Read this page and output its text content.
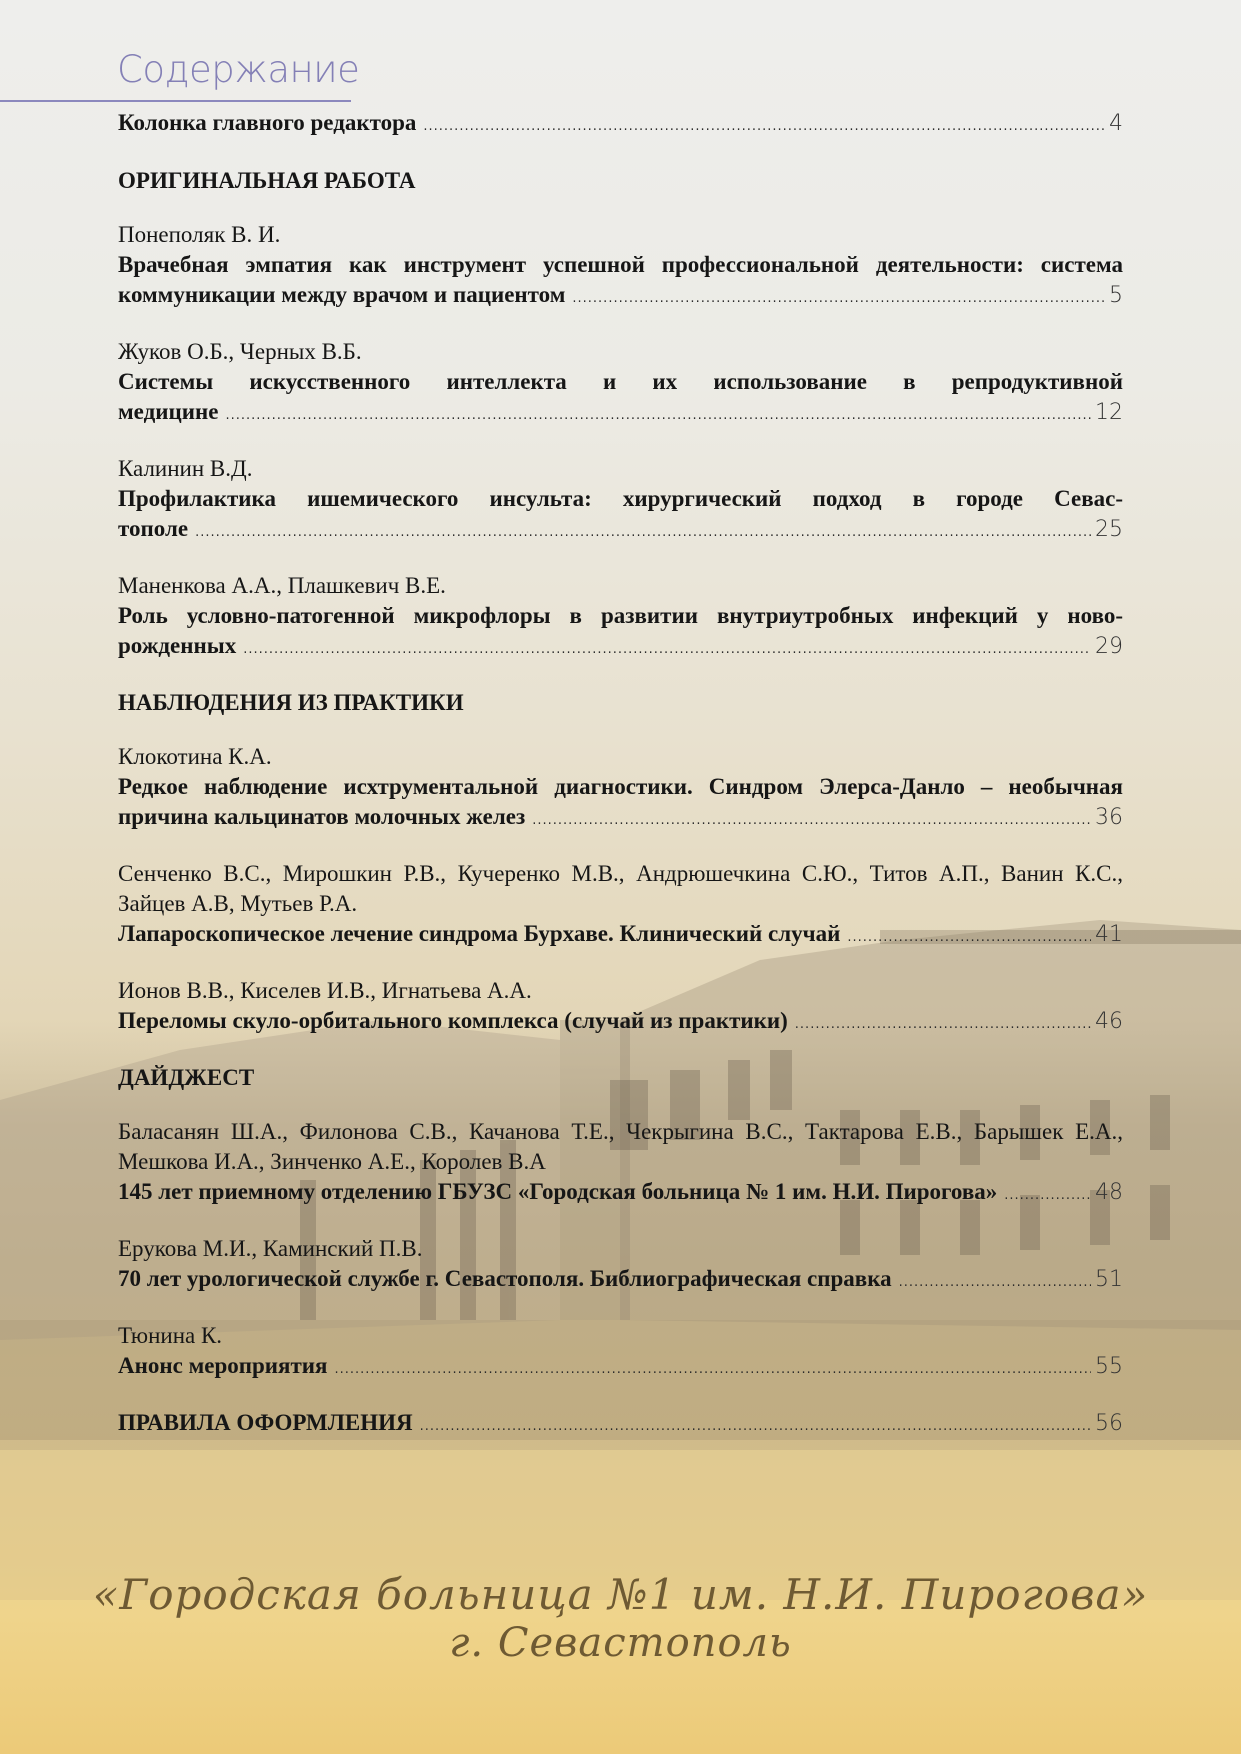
Содержание
Колонка главного редактора .....	4

ОРИГИНАЛЬНАЯ РАБОТА

Понеполяк В. И.

Врачебная эмпатия как инструмент успешной профессиональной деятельности: система

коммуникации между врачом и пациентом .....	5

Жуков О.Б., Черных В.Б.

Системы искусственного интеллекта и их использование в репродуктивной

медицине .....	12

Калинин В.Д.

Профилактика ишемического инсульта: хирургический подход в городе Севас-

тополе .....	25

Маненкова А.А., Плашкевич В.Е.

Роль условно-патогенной микрофлоры в развитии внутриутробных инфекций у ново-

рожденных .....	29

НАБЛЮДЕНИЯ ИЗ ПРАКТИКИ

Клокотина К.А.

Редкое наблюдение исхтрументальной диагностики. Синдром Элерса-Данло – необычная

причина кальцинатов молочных желез .....	36

Сенченко В.С., Мирошкин Р.В., Кучеренко М.В., Андрюшечкина С.Ю., Титов А.П., Ванин К.С.,

Зайцев А.В, Мутьев Р.А.

Лапароскопическое лечение синдрома Бурхаве. Клинический случай .....	41

Ионов В.В., Киселев И.В., Игнатьева А.А.

Переломы скуло-орбитального комплекса (случай из практики) .....	46

ДАЙДЖЕСТ

Баласанян Ш.А., Филонова С.В., Качанова Т.Е., Чекрыгина В.С., Тактарова Е.В., Барышек Е.А.,

Мешкова И.А., Зинченко А.Е., Королев В.А

145 лет приемному отделению ГБУЗС «Городская больница № 1 им. Н.И. Пирогова» .....	48

Ерукова М.И., Каминский П.В.

70 лет урологической службе г. Севастополя. Библиографическая справка .....	51

Тюнина К.

Анонс мероприятия .....	55
ПРАВИЛА ОФОРМЛЕНИЯ .....	56
«Городская больница №1 им. Н.И. Пирогова»
г. Севастополь
